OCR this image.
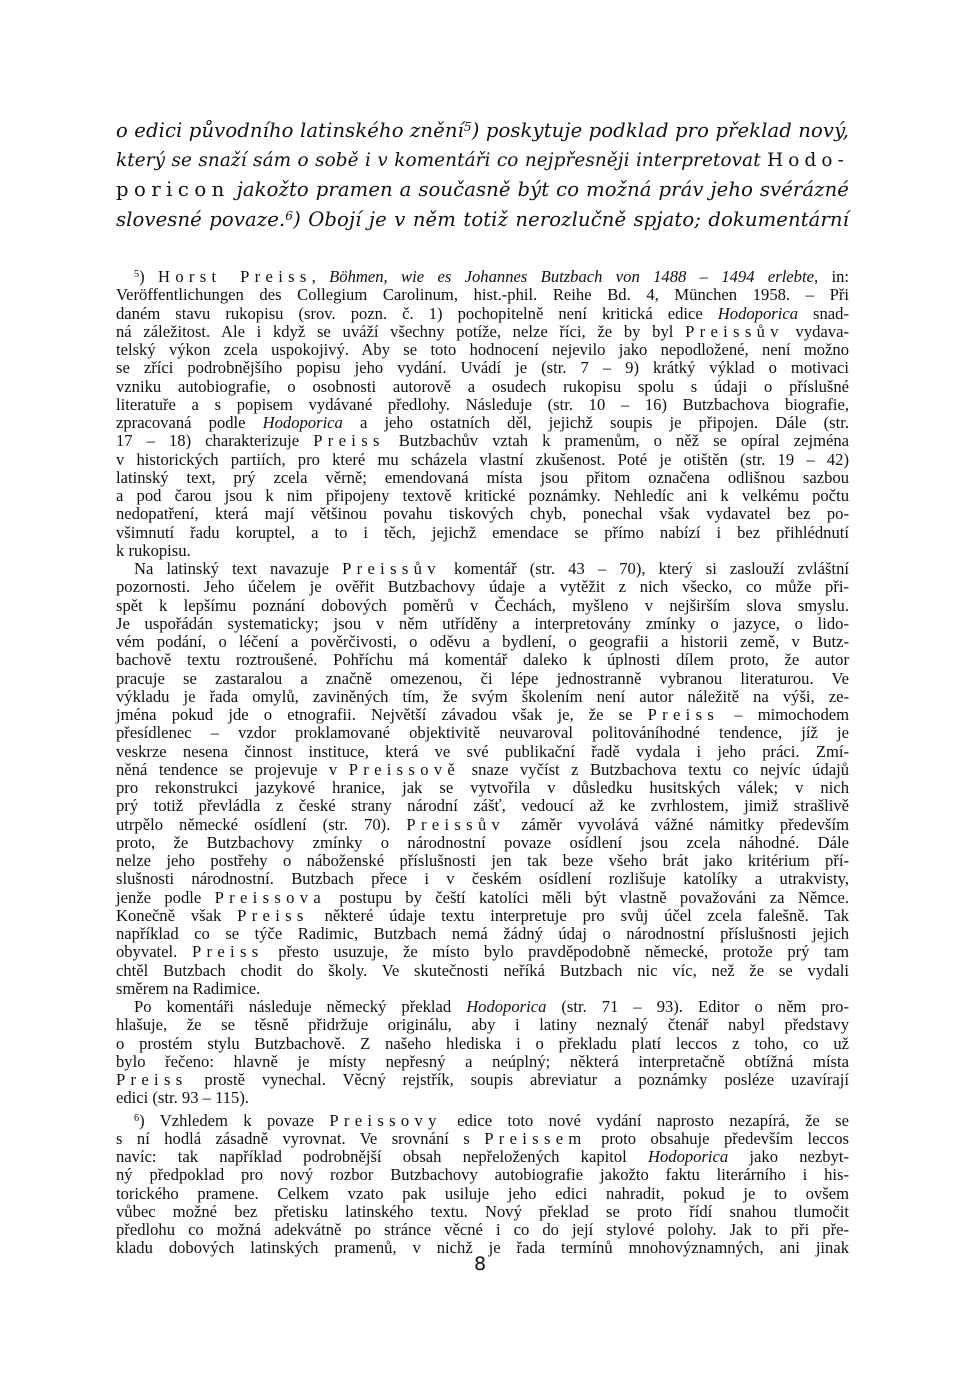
o edici původního latinského znění$^5$) poskytuje podklad pro překlad nový,
který se snaží sám o sobě i v komentáři co nejpřesněji interpretovat Hodo-
poricon jakožto pramen a současně být co možná práv jeho svérázné
slovesné povaze.$^6$) Obojí je v něm totiž nerozlučně spjato; dokumentární
$^5$) Horst Preiss, Böhmen, wie es Johannes Butzbach von 1488 – 1494 erlebte, in:
Veröffentlichungen des Collegium Carolinum, hist.-phil. Reihe Bd. 4, München 1958. – Při
daném stavu rukopisu (srov. pozn. č. 1) pochopitelně není kritická edice Hodoporica snad-
ná záležitost. Ale i když se uváží všechny potíže, nelze říci, že by byl Preissův vydava-
telský výkon zcela uspokojivý. Aby se toto hodnocení nejevilo jako nepodložené, není možno
se zříci podrobnějšího popisu jeho vydání. Uvádí je (str. 7 – 9) krátký výklad o motivaci
vzniku autobiografie, o osobnosti autorově a osudech rukopisu spolu s údaji o příslušné
literatuře a s popisem vydávané předlohy. Následuje (str. 10 – 16) Butzbachova biografie,
zpracovaná podle Hodoporica a jeho ostatních děl, jejichž soupis je připojen. Dále (str.
17 – 18) charakterizuje Preiss Butzbachův vztah k pramenům, o něž se opíral zejména
v historických partiích, pro které mu scházela vlastní zkušenost. Poté je otištěn (str. 19 – 42)
latinský text, prý zcela věrně; emendovaná místa jsou přitom označena odlišnou sazbou
a pod čarou jsou k nim připojeny textově kritické poznámky. Nehledíc ani k velkému počtu
nedopatření, která mají většinou povahu tiskových chyb, ponechal však vydavatel bez po-
všimnutí řadu koruptel, a to i těch, jejichž emendace se přímo nabízí i bez přihlédnutí
k rukopisu.
Na latinský text navazuje Preissův komentář (str. 43 – 70), který si zaslouží zvláštní
pozornosti. Jeho účelem je ověřit Butzbachovy údaje a vytěžit z nich všecko, co může při-
spět k lepšímu poznání dobových poměrů v Čechách, myšleno v nejširším slova smyslu.
Je uspořádán systematicky; jsou v něm utříděny a interpretovány zmínky o jazyce, o lido-
vém podání, o léčení a pověrčivosti, o oděvu a bydlení, o geografii a historii země, v Butz-
bachově textu roztroušené. Pohříchu má komentář daleko k úplnosti dílem proto, že autor
pracuje se zastaralou a značně omezenou, či lépe jednostranně vybranou literaturou. Ve
výkladu je řada omylů, zaviněných tím, že svým školením není autor náležitě na výši, ze-
jména pokud jde o etnografii. Největší závadou však je, že se Preiss – mimochodem
přesídlenec – vzdor proklamované objektivitě neuvaroval politováníhodné tendence, jíž je
veskrze nesena činnost instituce, která ve své publikační řadě vydala i jeho práci. Zmí-
něná tendence se projevuje v Preissově snaze vyčíst z Butzbachova textu co nejvíc údajů
pro rekonstrukci jazykové hranice, jak se vytvořila v důsledku husitských válek; v nich
prý totiž převládla z české strany národní zášť, vedoucí až ke zvrhlostem, jimiž strašlivě
utrpělo německé osídlení (str. 70). Preissův záměr vyvolává vážné námitky především
proto, že Butzbachovy zmínky o národnostní povaze osídlení jsou zcela náhodné. Dále
nelze jeho postřehy o náboženské příslušnosti jen tak beze všeho brát jako kritérium pří-
slušnosti národnostní. Butzbach přece i v českém osídlení rozlišuje katolíky a utrakvisty,
jenže podle Preissova postupu by čeští katolíci měli být vlastně považováni za Němce.
Konečně však Preiss některé údaje textu interpretuje pro svůj účel zcela falešně. Tak
například co se týče Radimic, Butzbach nemá žádný údaj o národnostní příslušnosti jejich
obyvatel. Preiss přesto usuzuje, že místo bylo pravděpodobně německé, protože prý tam
chtěl Butzbach chodit do školy. Ve skutečnosti neříká Butzbach nic víc, než že se vydali
směrem na Radimice.
Po komentáři následuje německý překlad Hodoporica (str. 71 – 93). Editor o něm pro-
hlašuje, že se těsně přidržuje originálu, aby i latiny neznalý čtenář nabyl představy
o prostém stylu Butzbachově. Z našeho hlediska i o překladu platí leccos z toho, co už
bylo řečeno: hlavně je místy nepřesný a neúplný; některá interpretačně obtížná místa
Preiss prostě vynechal. Věcný rejstřík, soupis abreviatur a poznámky posléze uzavírají
edici (str. 93 – 115).
$^6$) Vzhledem k povaze Preissovy edice toto nové vydání naprosto nezapírá, že se
s ní hodlá zásadně vyrovnat. Ve srovnání s Preissem proto obsahuje především leccos
navíc: tak například podrobnější obsah nepřeložených kapitol Hodoporica jako nezbyt-
ný předpoklad pro nový rozbor Butzbachovy autobiografie jakožto faktu literárního i his-
torického pramene. Celkem vzato pak usiluje jeho edici nahradit, pokud je to ovšem
vůbec možné bez přetisku latinského textu. Nový překlad se proto řídí snahou tlumočit
předlohu co možná adekvátně po stránce věcné i co do její stylové polohy. Jak to při pře-
kladu dobových latinských pramenů, v nichž je řada termínů mnohovýznamných, ani jinak
8
